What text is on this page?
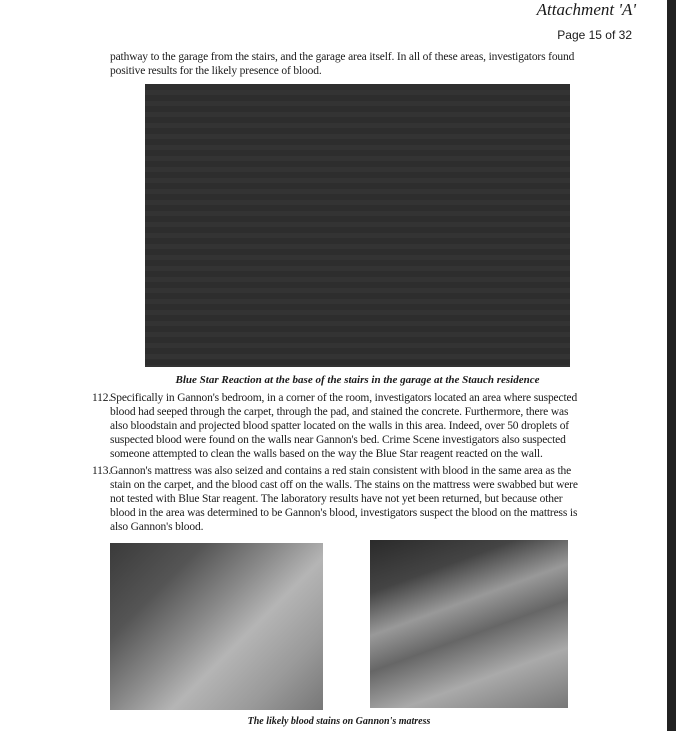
Attachment 'A'
Page 15 of 32
pathway to the garage from the stairs, and the garage area itself. In all of these areas, investigators found
positive results for the likely presence of blood.
Blue Star Reaction at the base of the stairs in the garage at the Stauch residence
112.
Specifically in Gannon's bedroom, in a corner of the room, investigators located an area where suspected
blood had seeped through the carpet, through the pad, and stained the concrete. Furthermore, there was
also bloodstain and projected blood spatter located on the walls in this area. Indeed, over 50 droplets of
suspected blood were found on the walls near Gannon's bed. Crime Scene investigators also suspected
someone attempted to clean the walls based on the way the Blue Star reagent reacted on the wall.
113.
Gannon's mattress was also seized and contains a red stain consistent with blood in the same area as the
stain on the carpet, and the blood cast off on the walls. The stains on the mattress were swabbed but were
not tested with Blue Star reagent. The laboratory results have not yet been returned, but because other
blood in the area was determined to be Gannon's blood, investigators suspect the blood on the mattress is
also Gannon's blood.
The likely blood stains on Gannon's matress
